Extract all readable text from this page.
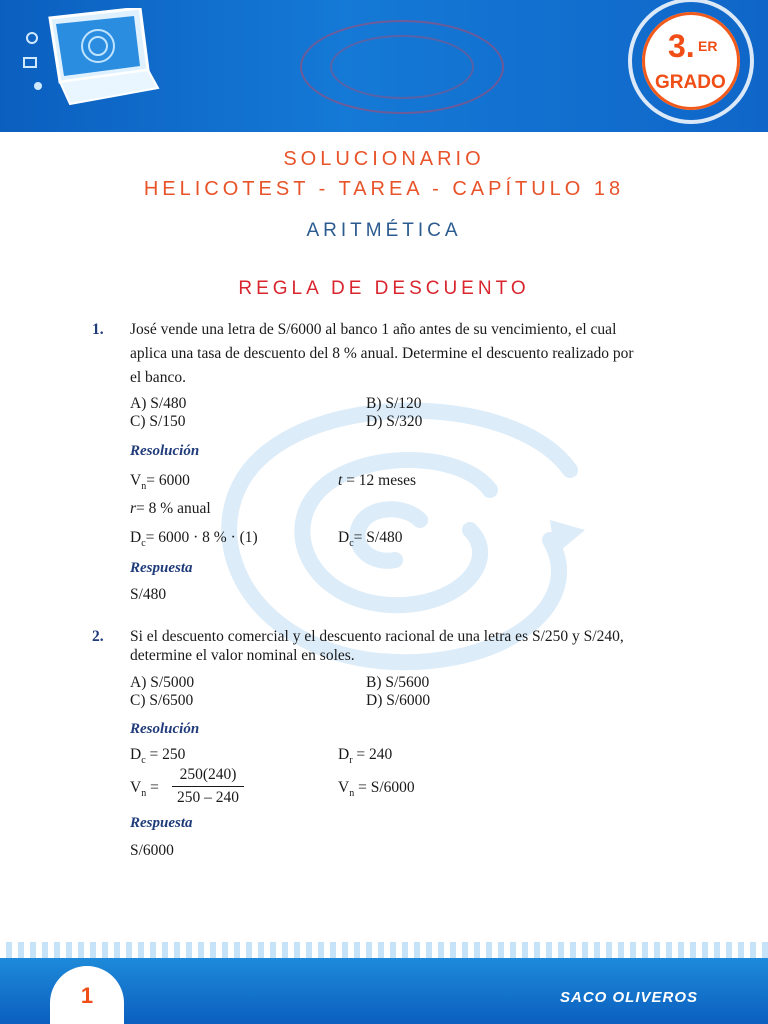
3. ER
GRADO
SOLUCIONARIO
HELICOTEST - TAREA - CAPÍTULO 18
ARITMÉTICA
REGLA DE DESCUENTO
1. José vende una letra de S/6000 al banco 1 año antes de su vencimiento, el cual
aplica una tasa de descuento del 8 % anual. Determine el descuento realizado por
el banco.
A) S/480	B) S/120
C) S/150	D) S/320
Resolución
$V_n= 6000$	t = 12 meses
r= 8 % anual
$D_c= 6000 \cdot 8$ % · (1)	$D_c= S/480$
Respuesta
S/480
2. Si el descuento comercial y el descuento racional de una letra es S/250 y S/240,
determine el valor nominal en soles.
A) S/5000	B) S/5600
C) S/6500	D) S/6000
Resolución
$D_c = 250$	$D_r = 240$
$V_n$ =
250(240)
250 – 240
$V_n = S/6000$
Respuesta
S/6000
1	SACO OLIVEROS
